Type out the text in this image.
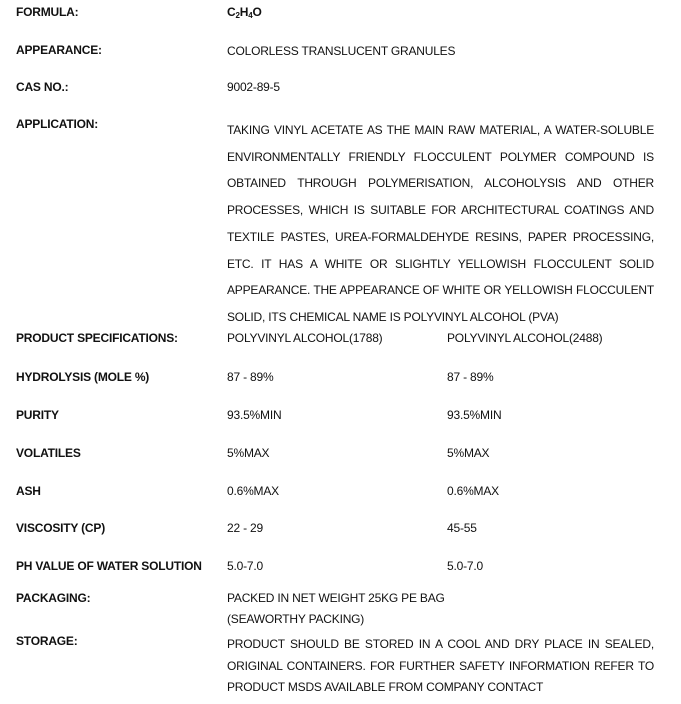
FORMULA:	$C_2H_4O$
APPEARANCE:	COLORLESS TRANSLUCENT GRANULES
CAS NO.:	9002-89-5
APPLICATION:	TAKING VINYL ACETATE AS THE MAIN RAW MATERIAL, A WATER-SOLUBLE
ENVIRONMENTALLY FRIENDLY FLOCCULENT POLYMER COMPOUND IS
OBTAINED THROUGH POLYMERISATION, ALCOHOLYSIS AND OTHER
PROCESSES, WHICH IS SUITABLE FOR ARCHITECTURAL COATINGS AND
TEXTILE PASTES, UREA-FORMALDEHYDE RESINS, PAPER PROCESSING,
ETC. IT HAS A WHITE OR SLIGHTLY YELLOWISH FLOCCULENT SOLID
APPEARANCE. THE APPEARANCE OF WHITE OR YELLOWISH FLOCCULENT
SOLID, ITS CHEMICAL NAME IS POLYVINYL ALCOHOL (PVA)
PRODUCT SPECIFICATIONS:	POLYVINYL ALCOHOL(1788)	POLYVINYL ALCOHOL(2488)
HYDROLYSIS (MOLE %)	87 - 89%	87 - 89%
PURITY	93.5%MIN	93.5%MIN
VOLATILES	5%MAX	5%MAX
ASH	0.6%MAX	0.6%MAX
VISCOSITY (CP)	22 - 29	45-55
PH VALUE OF WATER SOLUTION 5.0-7.0	5.0-7.0
PACKAGING:	PACKED IN NET WEIGHT 25KG PE BAG
(SEAWORTHY PACKING)
STORAGE:	PRODUCT SHOULD BE STORED IN A COOL AND DRY PLACE IN SEALED,
ORIGINAL CONTAINERS. FOR FURTHER SAFETY INFORMATION REFER TO
PRODUCT MSDS AVAILABLE FROM COMPANY CONTACT
